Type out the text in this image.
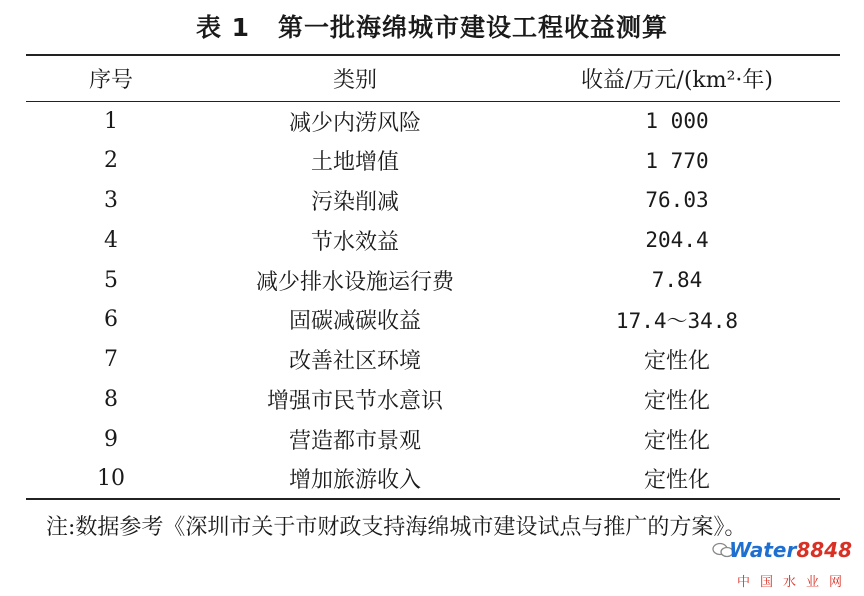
表 1 第一批海绵城市建设工程收益测算
序号	类别	收益/万元/(km²·年)
1	减少内涝风险	1 000
2	土地增值	1 770
3	污染削减	76.03
4	节水效益	204.4
5	减少排水设施运行费	7.84
6	固碳减碳收益	17.4～34.8
7	改善社区环境	定性化
8	增强市民节水意识	定性化
9	营造都市景观	定性化
10	增加旅游收入	定性化
注:数据参考《深圳市关于市财政支持海绵城市建设试点与推广的方案》。
Water8848
中国水业网
